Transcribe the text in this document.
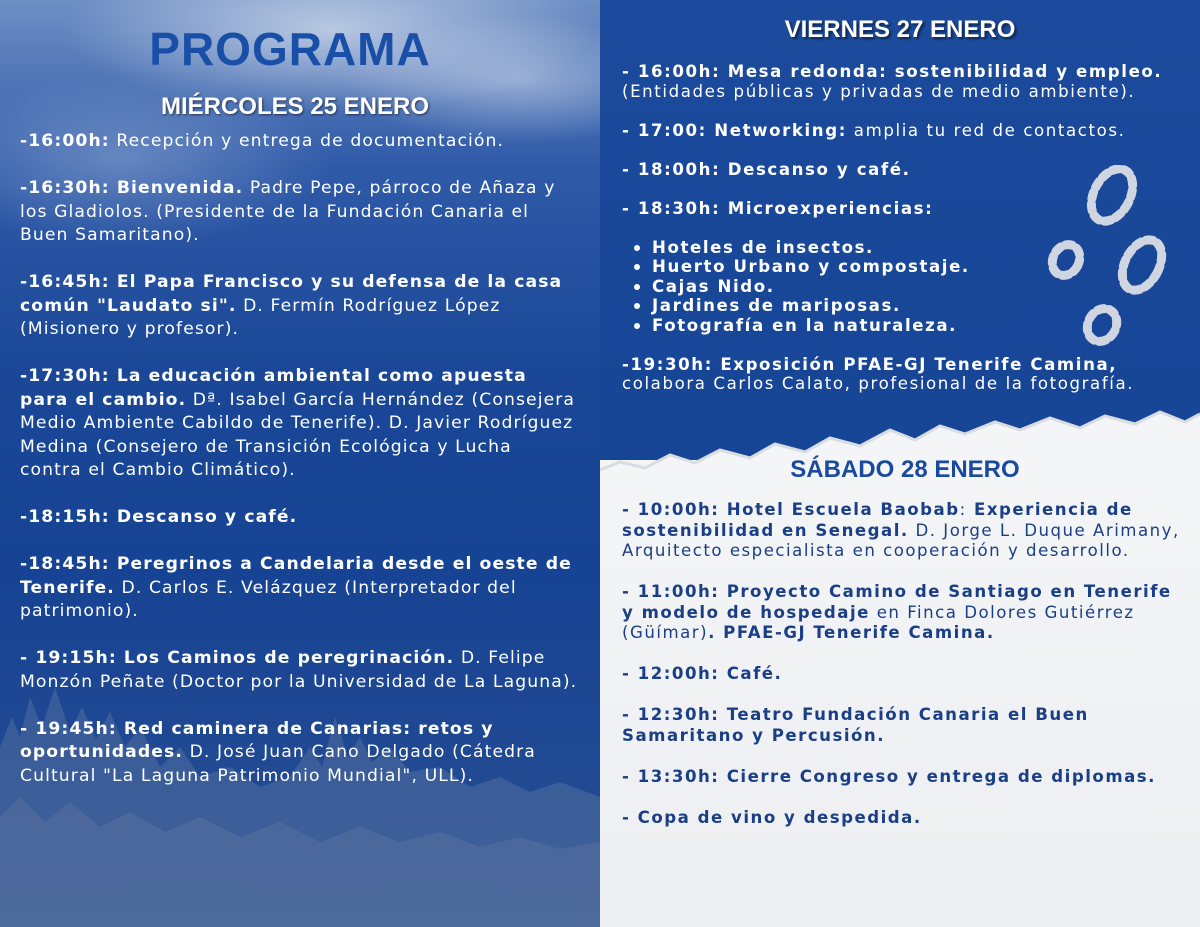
PROGRAMA
MIÉRCOLES 25 ENERO
-16:00h: Recepción y entrega de documentación.
-16:30h: Bienvenida. Padre Pepe, párroco de Añaza y los Gladiolos. (Presidente de la Fundación Canaria el Buen Samaritano).
-16:45h: El Papa Francisco y su defensa de la casa común "Laudato si". D. Fermín Rodríguez López (Misionero y profesor).
-17:30h: La educación ambiental como apuesta para el cambio. Dª. Isabel García Hernández (Consejera Medio Ambiente Cabildo de Tenerife). D. Javier Rodríguez Medina (Consejero de Transición Ecológica y Lucha contra el Cambio Climático).
-18:15h: Descanso y café.
-18:45h: Peregrinos a Candelaria desde el oeste de Tenerife. D. Carlos E. Velázquez (Interpretador del patrimonio).
- 19:15h: Los Caminos de peregrinación. D. Felipe Monzón Peñate (Doctor por la Universidad de La Laguna).
- 19:45h: Red caminera de Canarias: retos y oportunidades. D. José Juan Cano Delgado (Cátedra Cultural "La Laguna Patrimonio Mundial", ULL).
VIERNES 27 ENERO
- 16:00h: Mesa redonda: sostenibilidad y empleo. (Entidades públicas y privadas de medio ambiente).
- 17:00: Networking: amplia tu red de contactos.
- 18:00h: Descanso y café.
- 18:30h: Microexperiencias:
Hoteles de insectos.
Huerto Urbano y compostaje.
Cajas Nido.
Jardines de mariposas.
Fotografía en la naturaleza.
-19:30h: Exposición PFAE-GJ Tenerife Camina, colabora Carlos Calato, profesional de la fotografía.
SÁBADO 28 ENERO
- 10:00h: Hotel Escuela Baobab: Experiencia de sostenibilidad en Senegal. D. Jorge L. Duque Arimany, Arquitecto especialista en cooperación y desarrollo.
- 11:00h: Proyecto Camino de Santiago en Tenerife y modelo de hospedaje en Finca Dolores Gutiérrez (Güímar). PFAE-GJ Tenerife Camina.
- 12:00h: Café.
- 12:30h: Teatro Fundación Canaria el Buen Samaritano y Percusión.
- 13:30h: Cierre Congreso y entrega de diplomas.
- Copa de vino y despedida.
